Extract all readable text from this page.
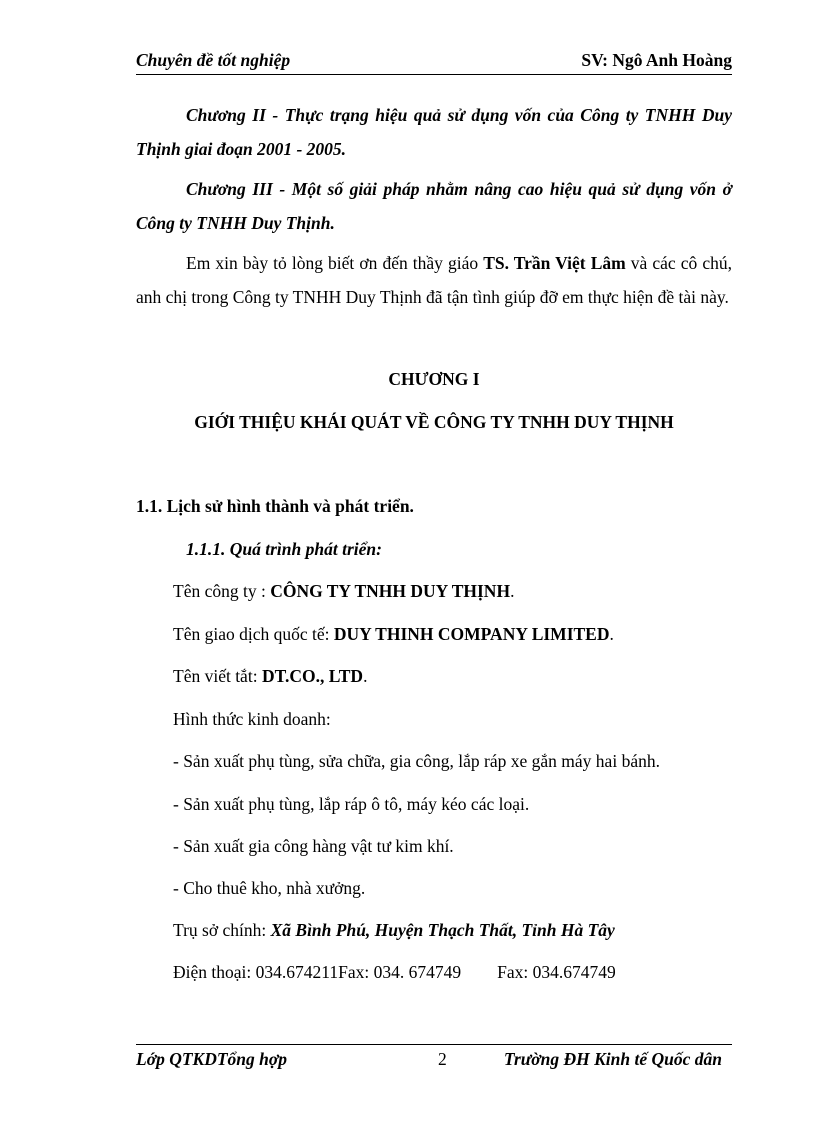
Chuyên đề tốt nghiệp	SV: Ngô Anh Hoàng

Chương II - Thực trạng hiệu quả sử dụng vốn của Công ty TNHH Duy Thịnh giai đoạn 2001 - 2005.

Chương III - Một số giải pháp nhằm nâng cao hiệu quả sử dụng vốn ở Công ty TNHH Duy Thịnh.

Em xin bày tỏ lòng biết ơn đến thầy giáo TS. Trần Việt Lâm và các cô chú, anh chị trong Công ty TNHH Duy Thịnh đã tận tình giúp đỡ em thực hiện đề tài này.

CHƯƠNG I

GIỚI THIỆU KHÁI QUÁT VỀ CÔNG TY TNHH DUY THỊNH

1.1. Lịch sử hình thành và phát triển.

1.1.1. Quá trình phát triển:

Tên công ty : CÔNG TY TNHH DUY THỊNH.

Tên giao dịch quốc tế: DUY THINH COMPANY LIMITED.

Tên viết tắt: DT.CO., LTD.

Hình thức kinh doanh:

- Sản xuất phụ tùng, sửa chữa, gia công, lắp ráp xe gắn máy hai bánh.

- Sản xuất phụ tùng, lắp ráp ô tô, máy kéo các loại.

- Sản xuất gia công hàng vật tư kim khí.

- Cho thuê kho, nhà xưởng.

Trụ sở chính: Xã Bình Phú, Huyện Thạch Thất, Tỉnh Hà Tây

Điện thoại: 034.674211Fax: 034. 674749 Fax: 034.674749

Lớp QTKDTổng hợp	2	Trường ĐH Kinh tế Quốc dân
